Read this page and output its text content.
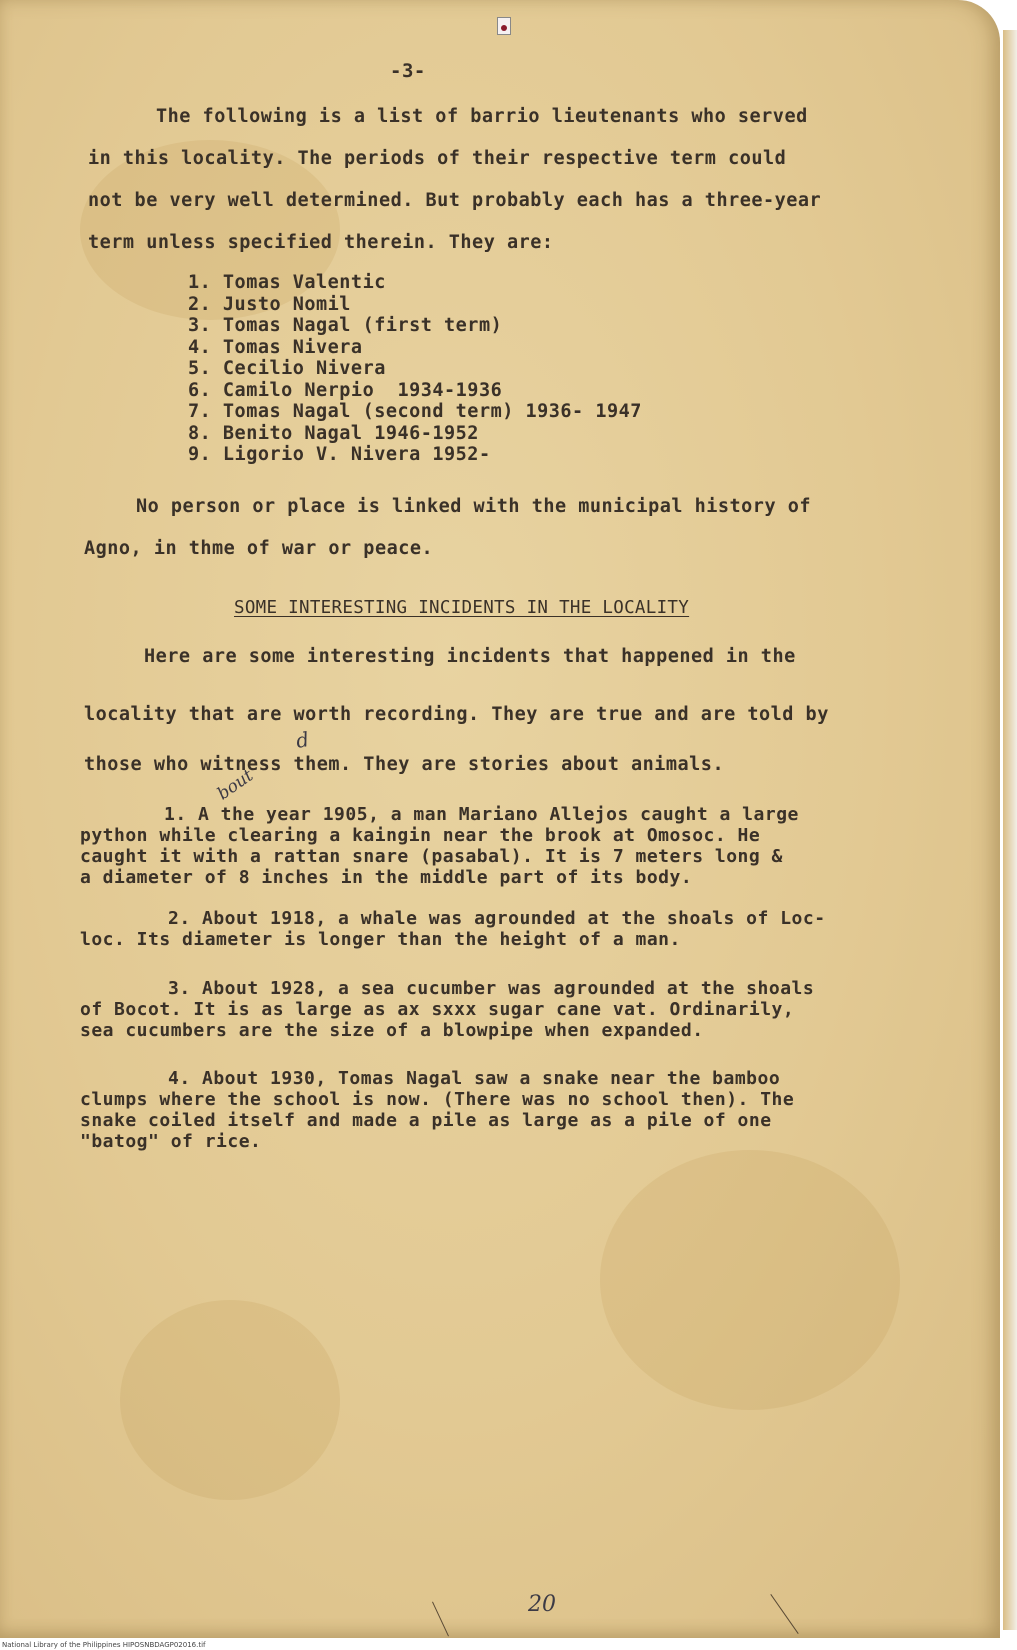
-3-
The following is a list of barrio lieutenants who served
in this locality. The periods of their respective term could
not be very well determined. But probably each has a three-year
term unless specified therein. They are:
1. Tomas Valentic
2. Justo Nomil
3. Tomas Nagal (first term)
4. Tomas Nivera
5. Cecilio Nivera
6. Camilo Nerpio  1934-1936
7. Tomas Nagal (second term) 1936- 1947
8. Benito Nagal 1946-1952
9. Ligorio V. Nivera 1952-
No person or place is linked with the municipal history of
Agno, in thme of war or peace.
SOME INTERESTING INCIDENTS IN THE LOCALITY
Here are some interesting incidents that happened in the
locality that are worth recording. They are true and are told by
those who witness them. They are stories about animals.
1. A the year 1905, a man Mariano Allejos caught a large
python while clearing a kaingin near the brook at Omosoc. He
caught it with a rattan snare (pasabal). It is 7 meters long &
a diameter of 8 inches in the middle part of its body.
2. About 1918, a whale was agrounded at the shoals of Loc-
loc. Its diameter is longer than the height of a man.
3. About 1928, a sea cucumber was agrounded at the shoals
of Bocot. It is as large as ax sxxx sugar cane vat. Ordinarily,
sea cucumbers are the size of a blowpipe when expanded.
4. About 1930, Tomas Nagal saw a snake near the bamboo
clumps where the school is now. (There was no school then). The
snake coiled itself and made a pile as large as a pile of one
"batog" of rice.
bout
d
20
National Library of the Philippines HIPOSNBDAGP02016.tif
